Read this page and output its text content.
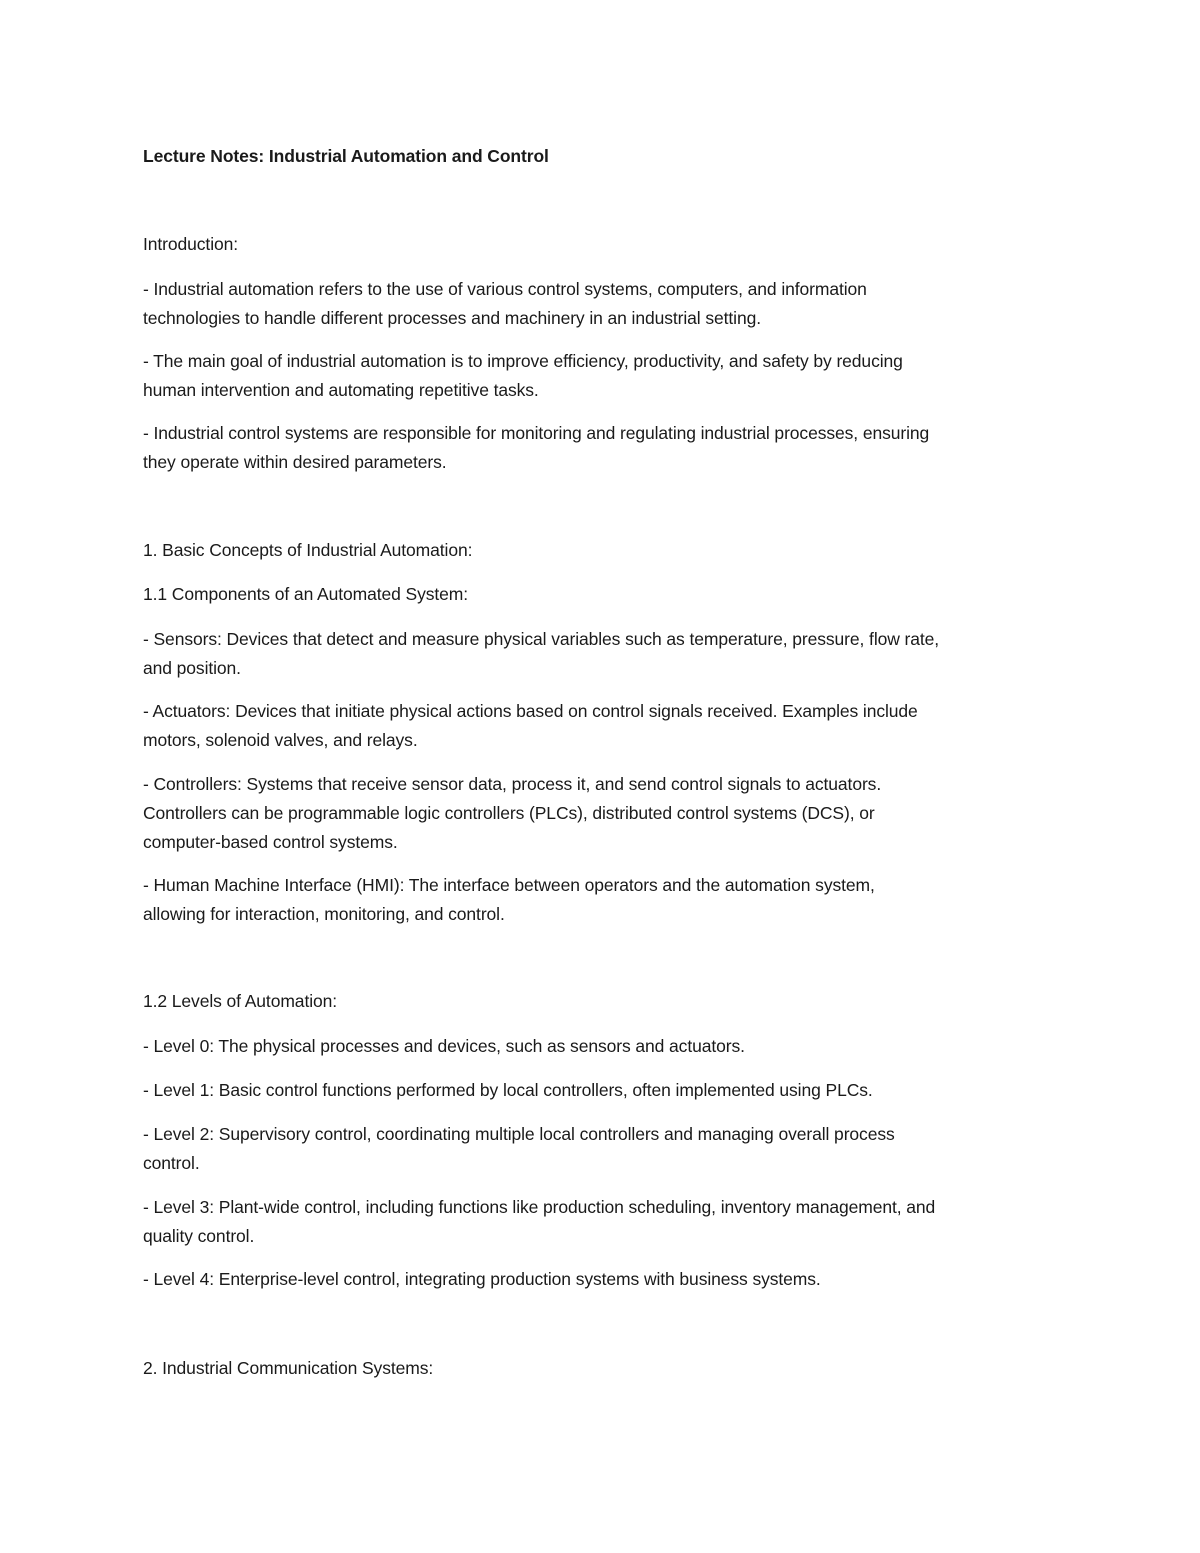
Lecture Notes: Industrial Automation and Control
Introduction:
- Industrial automation refers to the use of various control systems, computers, and information
technologies to handle different processes and machinery in an industrial setting.
- The main goal of industrial automation is to improve efficiency, productivity, and safety by reducing
human intervention and automating repetitive tasks.
- Industrial control systems are responsible for monitoring and regulating industrial processes, ensuring
they operate within desired parameters.
1. Basic Concepts of Industrial Automation:
1.1 Components of an Automated System:
- Sensors: Devices that detect and measure physical variables such as temperature, pressure, flow rate,
and position.
- Actuators: Devices that initiate physical actions based on control signals received. Examples include
motors, solenoid valves, and relays.
- Controllers: Systems that receive sensor data, process it, and send control signals to actuators.
Controllers can be programmable logic controllers (PLCs), distributed control systems (DCS), or
computer-based control systems.
- Human Machine Interface (HMI): The interface between operators and the automation system,
allowing for interaction, monitoring, and control.
1.2 Levels of Automation:
- Level 0: The physical processes and devices, such as sensors and actuators.
- Level 1: Basic control functions performed by local controllers, often implemented using PLCs.
- Level 2: Supervisory control, coordinating multiple local controllers and managing overall process
control.
- Level 3: Plant-wide control, including functions like production scheduling, inventory management, and
quality control.
- Level 4: Enterprise-level control, integrating production systems with business systems.
2. Industrial Communication Systems:
